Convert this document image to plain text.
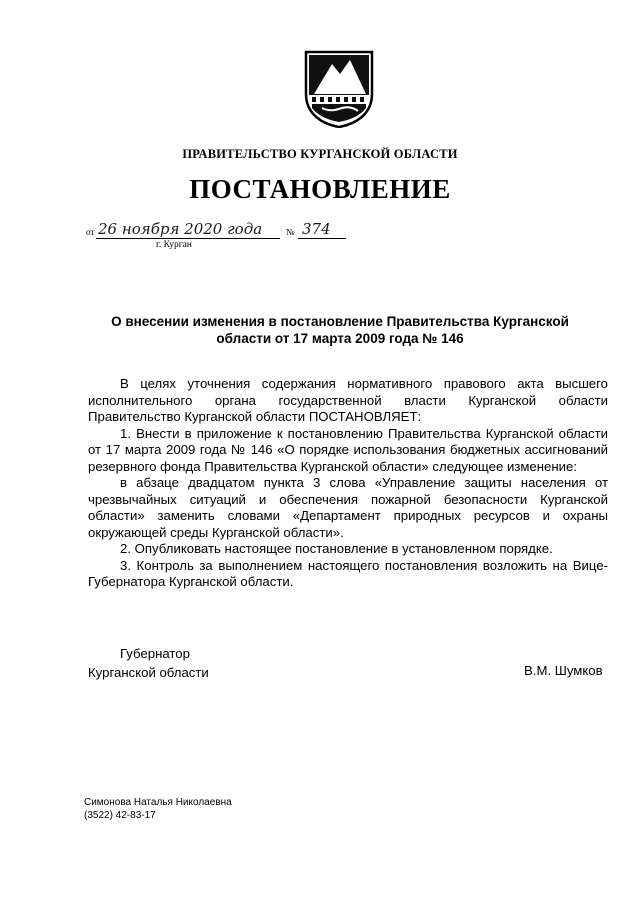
ПРАВИТЕЛЬСТВО КУРГАНСКОЙ ОБЛАСТИ
ПОСТАНОВЛЕНИЕ
от 26 ноября 2020 года	№ 374
г. Курган
О внесении изменения в постановление Правительства Курганской области от 17 марта 2009 года № 146

В целях уточнения содержания нормативного правового акта высшего исполнительного органа государственной власти Курганской области Правительство Курганской области ПОСТАНОВЛЯЕТ:

1. Внести в приложение к постановлению Правительства Курганской области от 17 марта 2009 года № 146 «О порядке использования бюджетных ассигнований резервного фонда Правительства Курганской области» следующее изменение:

в абзаце двадцатом пункта 3 слова «Управление защиты населения от чрезвычайных ситуаций и обеспечения пожарной безопасности Курганской области» заменить словами «Департамент природных ресурсов и охраны окружающей среды Курганской области».

2. Опубликовать настоящее постановление в установленном порядке.

3. Контроль за выполнением настоящего постановления возложить на Вице-Губернатора Курганской области.

Губернатор
Курганской области	В.М. Шумков
Симонова Наталья Николаевна
(3522) 42-83-17
